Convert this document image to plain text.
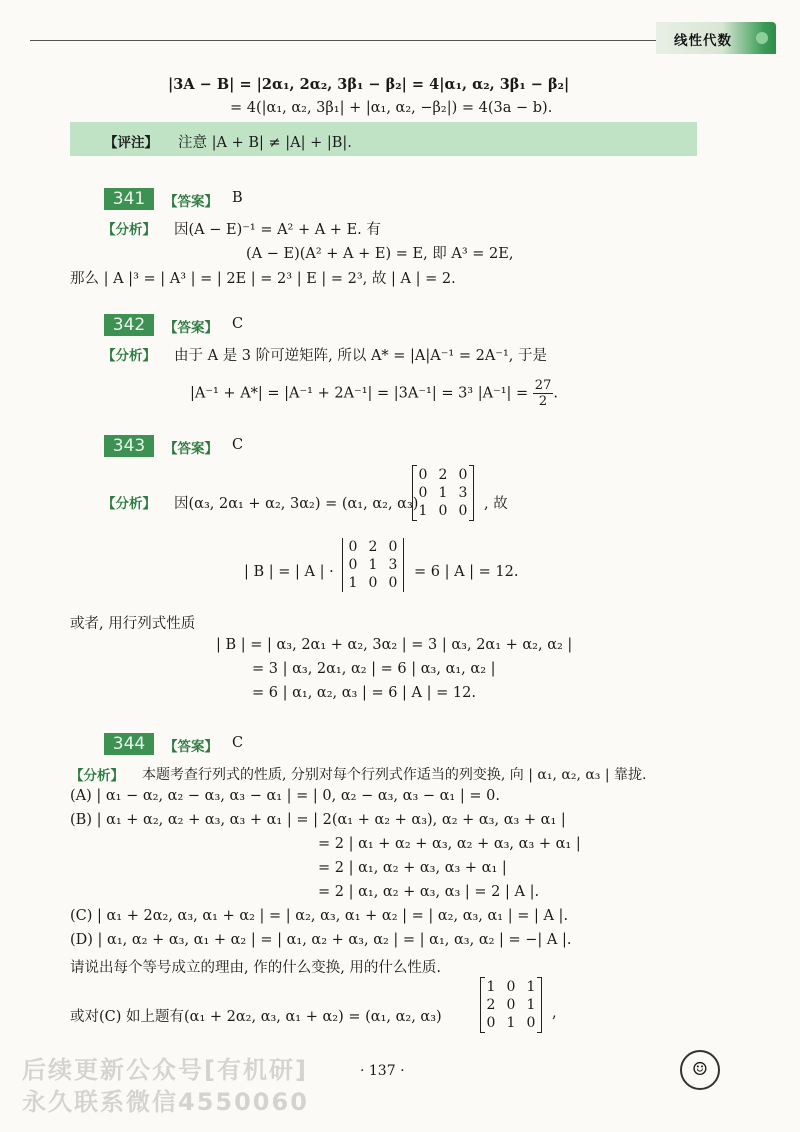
线性代数
|3A − B| = |2α₁, 2α₂, 3β₁ − β₂| = 4|α₁, α₂, 3β₁ − β₂|
= 4(|α₁, α₂, 3β₁| + |α₁, α₂, −β₂|) = 4(3a − b).
【评注】 注意 |A + B| ≠ |A| + |B|.
341	【答案】 B
【分析】 因(A − E)⁻¹ = A² + A + E. 有
(A − E)(A² + A + E) = E, 即 A³ = 2E,
那么 | A |³ = | A³ | = | 2E | = 2³ | E | = 2³, 故 | A | = 2.
342	【答案】 C
【分析】 由于 A 是 3 阶可逆矩阵, 所以 A* = |A|A⁻¹ = 2A⁻¹, 于是
|A⁻¹ + A*| = |A⁻¹ + 2A⁻¹| = |3A⁻¹| = 3³ $|A^{-1}| = \frac{27}{2}$ .
343	【答案】 C
【分析】 因(α₃, 2α₁ + α₂, 3α₂) = (α₁, α₂, α₃)
0	2	0
0	1	3
1	0	0 , 故
| B | = | A | ·
0	2	0
0	1	3
1	0	0
= 6 | A | = 12.
或者, 用行列式性质
| B | = | α₃, 2α₁ + α₂, 3α₂ | = 3 | α₃, 2α₁ + α₂, α₂ |
= 3 | α₃, 2α₁, α₂ | = 6 | α₃, α₁, α₂ |
= 6 | α₁, α₂, α₃ | = 6 | A | = 12.
344	【答案】 C
【分析】 本题考查行列式的性质, 分别对每个行列式作适当的列变换, 向 | α₁, α₂, α₃ | 靠拢.
(A) | α₁ − α₂, α₂ − α₃, α₃ − α₁ | = | 0, α₂ − α₃, α₃ − α₁ | = 0.
(B) | α₁ + α₂, α₂ + α₃, α₃ + α₁ | = | 2(α₁ + α₂ + α₃), α₂ + α₃, α₃ + α₁ |
= 2 | α₁ + α₂ + α₃, α₂ + α₃, α₃ + α₁ |
= 2 | α₁, α₂ + α₃, α₃ + α₁ |
= 2 | α₁, α₂ + α₃, α₃ | = 2 | A |.
(C) | α₁ + 2α₂, α₃, α₁ + α₂ | = | α₂, α₃, α₁ + α₂ | = | α₂, α₃, α₁ | = | A |.
(D) | α₁, α₂ + α₃, α₁ + α₂ | = | α₁, α₂ + α₃, α₂ | = | α₁, α₃, α₂ | = −| A |.
请说出每个等号成立的理由, 作的什么变换, 用的什么性质.
或对(C) 如上题有(α₁ + 2α₂, α₃, α₁ + α₂) = (α₁, α₂, α₃)
1	0	1
2	0	1
0	1	0
,
· 137 ·	☺
后续更新公众号[有机研]
永久联系微信4550060
